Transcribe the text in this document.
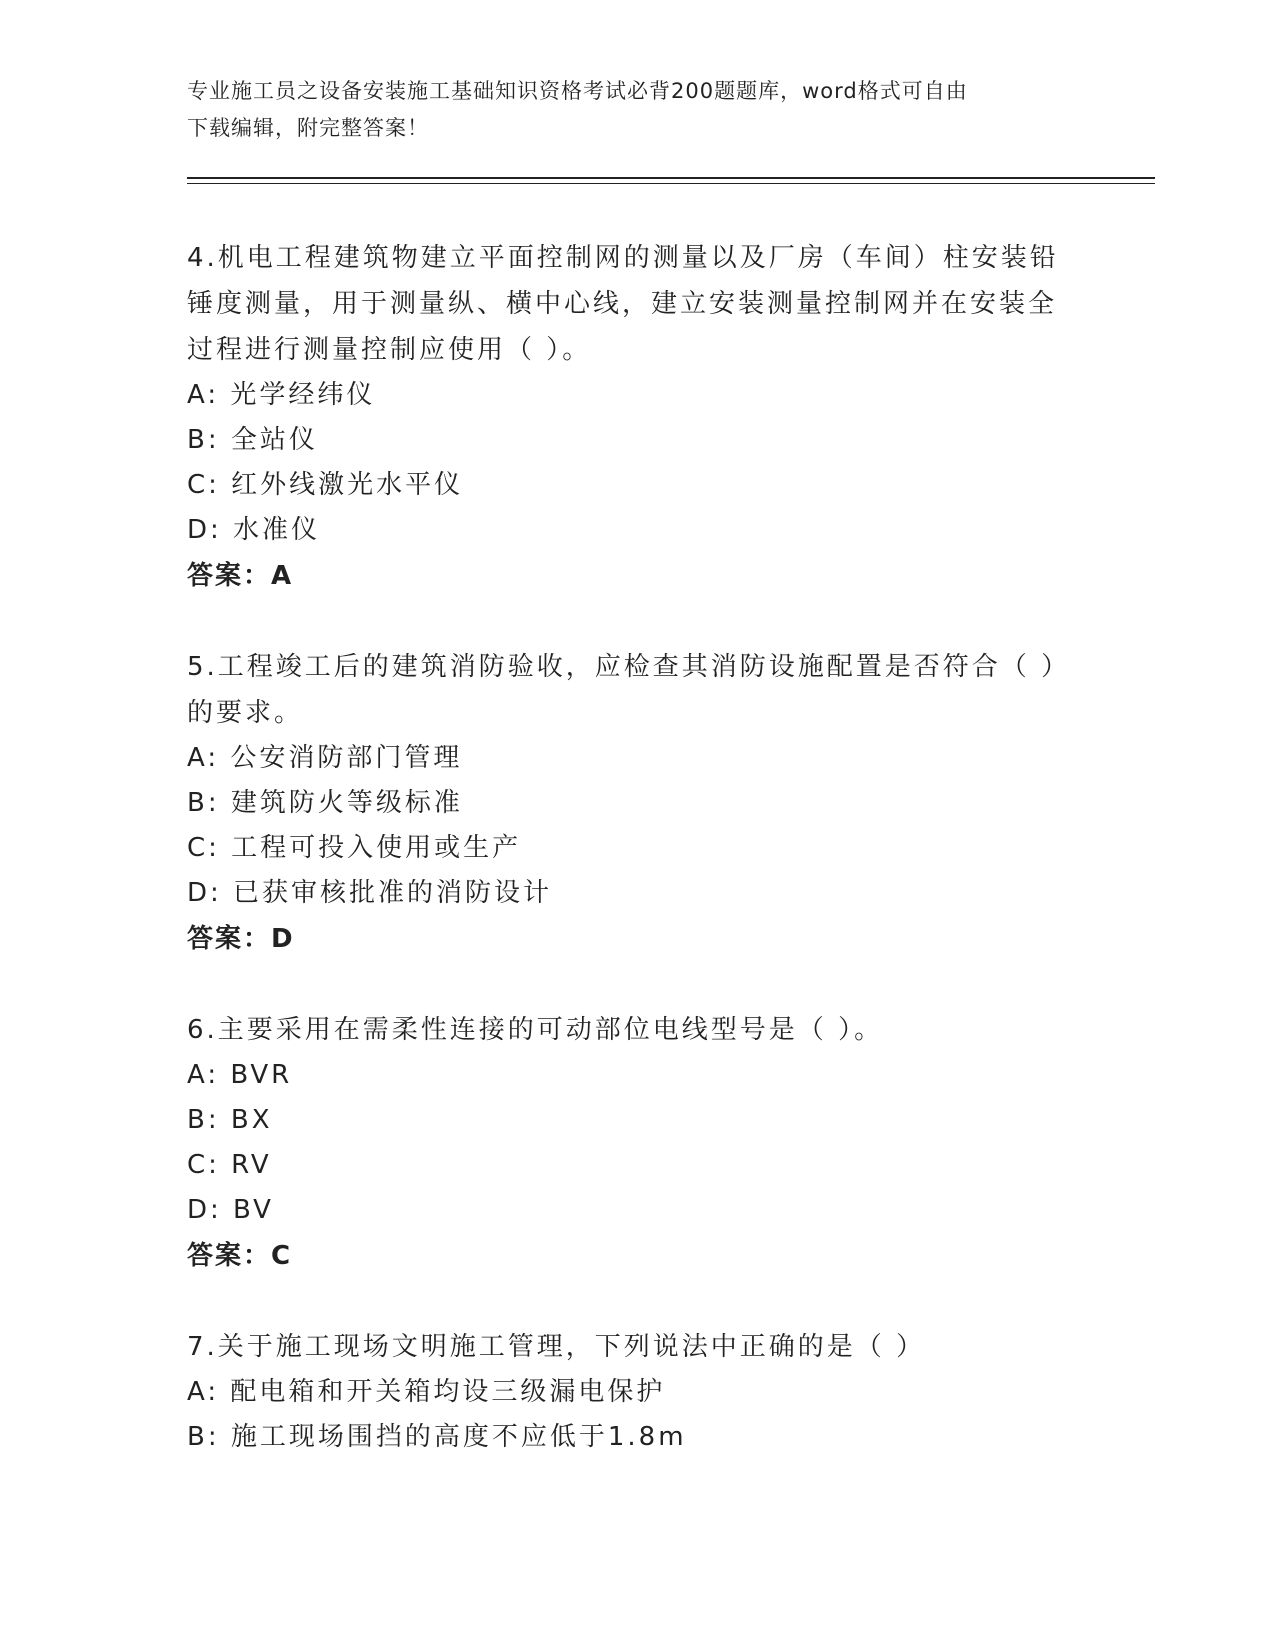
专业施工员之设备安装施工基础知识资格考试必背200题题库，word格式可自由
下载编辑，附完整答案！
4.机电工程建筑物建立平面控制网的测量以及厂房（车间）柱安装铅
锤度测量，用于测量纵、横中心线，建立安装测量控制网并在安装全
过程进行测量控制应使用（ ）。
A: 光学经纬仪
B: 全站仪
C: 红外线激光水平仪
D: 水准仪
答案：A
5.工程竣工后的建筑消防验收，应检查其消防设施配置是否符合（ ）
的要求。
A: 公安消防部门管理
B: 建筑防火等级标准
C: 工程可投入使用或生产
D: 已获审核批准的消防设计
答案：D
6.主要采用在需柔性连接的可动部位电线型号是（ ）。
A: BVR
B: BX
C: RV
D: BV
答案：C
7.关于施工现场文明施工管理，下列说法中正确的是（ ）
A: 配电箱和开关箱均设三级漏电保护
B: 施工现场围挡的高度不应低于1.8m
